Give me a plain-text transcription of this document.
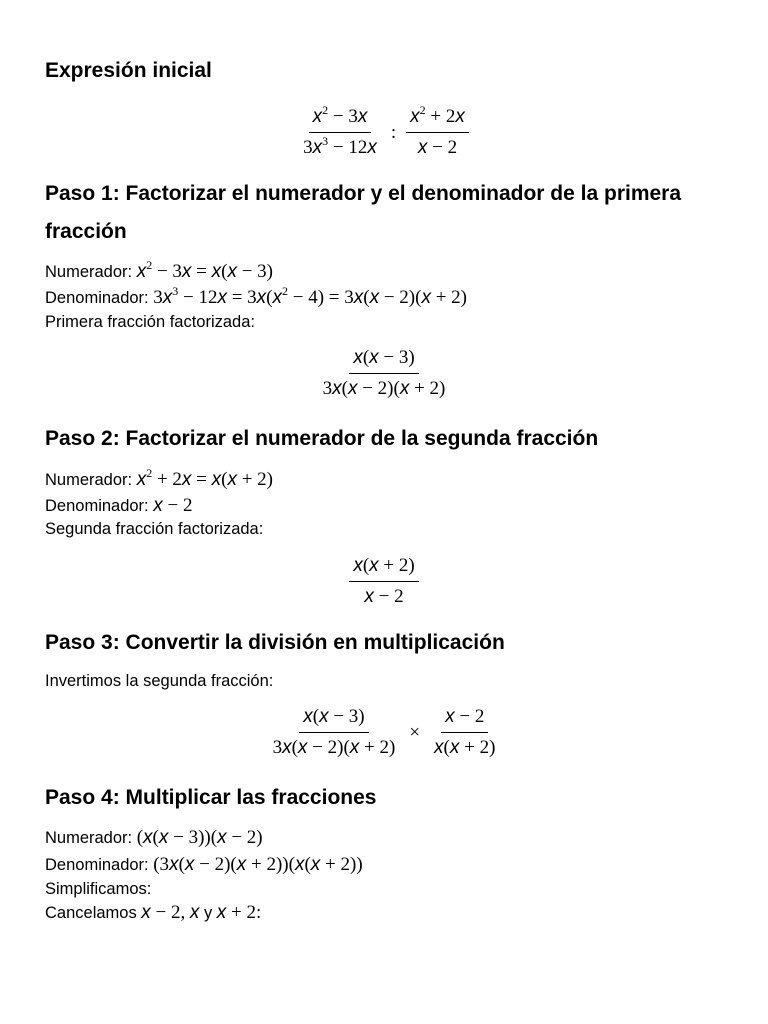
Expresión inicial
$\frac{x^2 - 3x}{3x^3 - 12x}$ : $\frac{x^2 + 2x}{x - 2}$
Paso 1: Factorizar el numerador y el denominador de la primera fracción
Numerador: $x^2 - 3x = x(x - 3)$
Denominador: $3x^3 - 12x = 3x(x^2 - 4) = 3x(x - 2)(x + 2)$
Primera fracción factorizada:
$\frac{x(x - 3)}{3x(x - 2)(x + 2)}$
Paso 2: Factorizar el numerador de la segunda fracción
Numerador: $x^2 + 2x = x(x + 2)$
Denominador: x − 2
Segunda fracción factorizada:
$\frac{x(x + 2)}{x - 2}$
Paso 3: Convertir la división en multiplicación
Invertimos la segunda fracción:
$\frac{x(x - 3)}{3x(x - 2)(x + 2)} \times \frac{x - 2}{x(x + 2)}$
Paso 4: Multiplicar las fracciones
Numerador: (x(x − 3))(x − 2)
Denominador: (3x(x − 2)(x + 2))(x(x + 2))
Simplificamos:
Cancelamos x − 2, x y x + 2:
